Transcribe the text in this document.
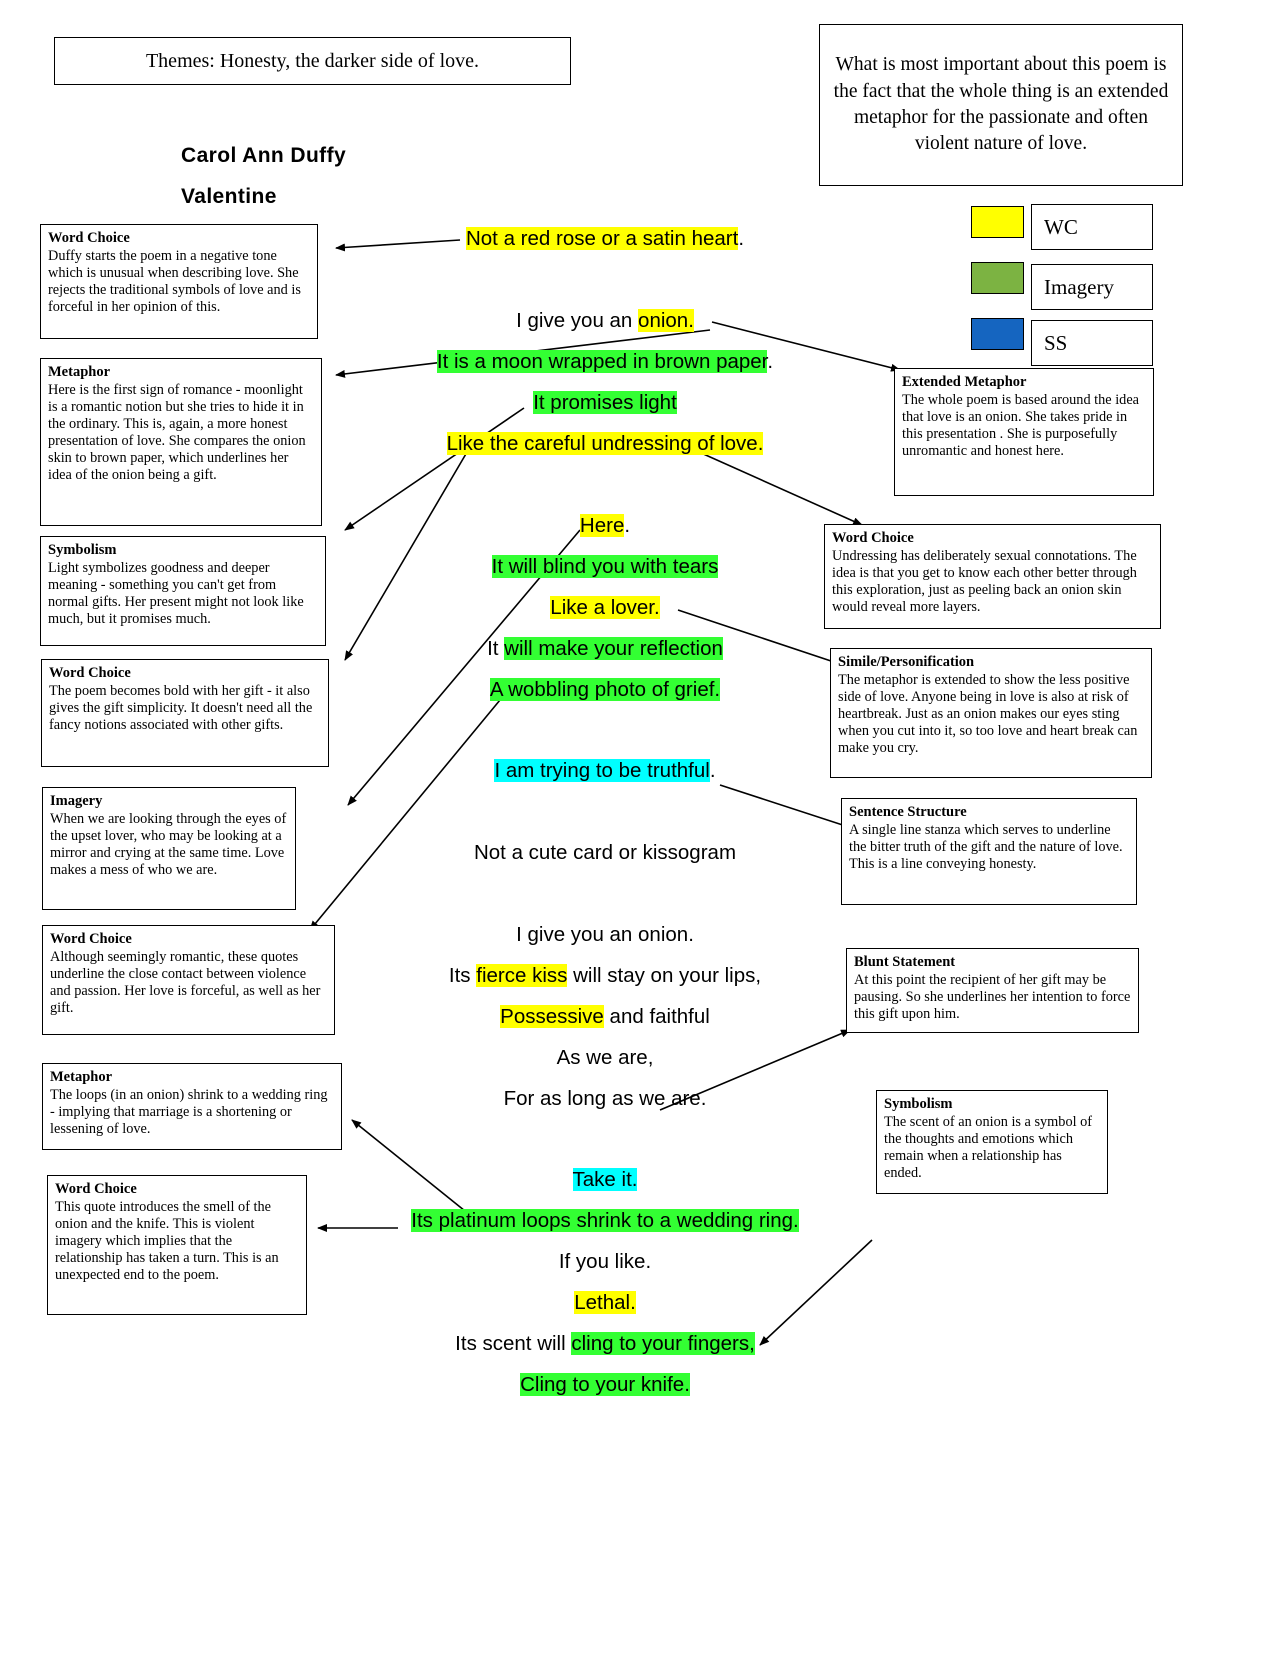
Themes: Honesty, the darker side of love.	What is most important about this poem is the fact that the whole thing is an extended metaphor for the passionate and often violent nature of love.
Carol Ann Duffy
Valentine
WC
Imagery
SS
Not a red rose or a satin heart.
I give you an onion.
It is a moon wrapped in brown paper.
It promises light
Like the careful undressing of love.
Here.
It will blind you with tears
Like a lover.
It will make your reflection
A wobbling photo of grief.
I am trying to be truthful.
Not a cute card or kissogram
I give you an onion.
Its fierce kiss will stay on your lips,
Possessive and faithful
As we are,
For as long as we are.
Take it.
Its platinum loops shrink to a wedding ring.
If you like.
Lethal.
Its scent will cling to your fingers,
Cling to your knife.
Word Choice
Duffy starts the poem in a negative tone which is unusual when describing love. She rejects the traditional symbols of love and is forceful in her opinion of this.
Metaphor
Here is the first sign of romance - moonlight is a romantic notion but she tries to hide it in the ordinary. This is, again, a more honest presentation of love. She compares the onion skin to brown paper, which underlines her idea of the onion being a gift.
Symbolism
Light symbolizes goodness and deeper meaning - something you can't get from normal gifts. Her present might not look like much, but it promises much.
Word Choice
The poem becomes bold with her gift - it also gives the gift simplicity. It doesn't need all the fancy notions associated with other gifts.
Imagery
When we are looking through the eyes of the upset lover, who may be looking at a mirror and crying at the same time. Love makes a mess of who we are.
Word Choice
Although seemingly romantic, these quotes underline the close contact between violence and passion. Her love is forceful, as well as her gift.
Metaphor
The loops (in an onion) shrink to a wedding ring - implying that marriage is a shortening or lessening of love.
Word Choice
This quote introduces the smell of the onion and the knife. This is violent imagery which implies that the relationship has taken a turn. This is an unexpected end to the poem.
Extended Metaphor
The whole poem is based around the idea that love is an onion. She takes pride in this presentation . She is purposefully unromantic and honest here.
Word Choice
Undressing has deliberately sexual connotations. The idea is that you get to know each other better through this exploration, just as peeling back an onion skin would reveal more layers.
Simile/Personification
The metaphor is extended to show the less positive side of love. Anyone being in love is also at risk of heartbreak. Just as an onion makes our eyes sting when you cut into it, so too love and heart break can make you cry.
Sentence Structure
A single line stanza which serves to underline the bitter truth of the gift and the nature of love. This is a line conveying honesty.
Blunt Statement
At this point the recipient of her gift may be pausing. So she underlines her intention to force this gift upon him.
Symbolism
The scent of an onion is a symbol of the thoughts and emotions which remain when a relationship has ended.
